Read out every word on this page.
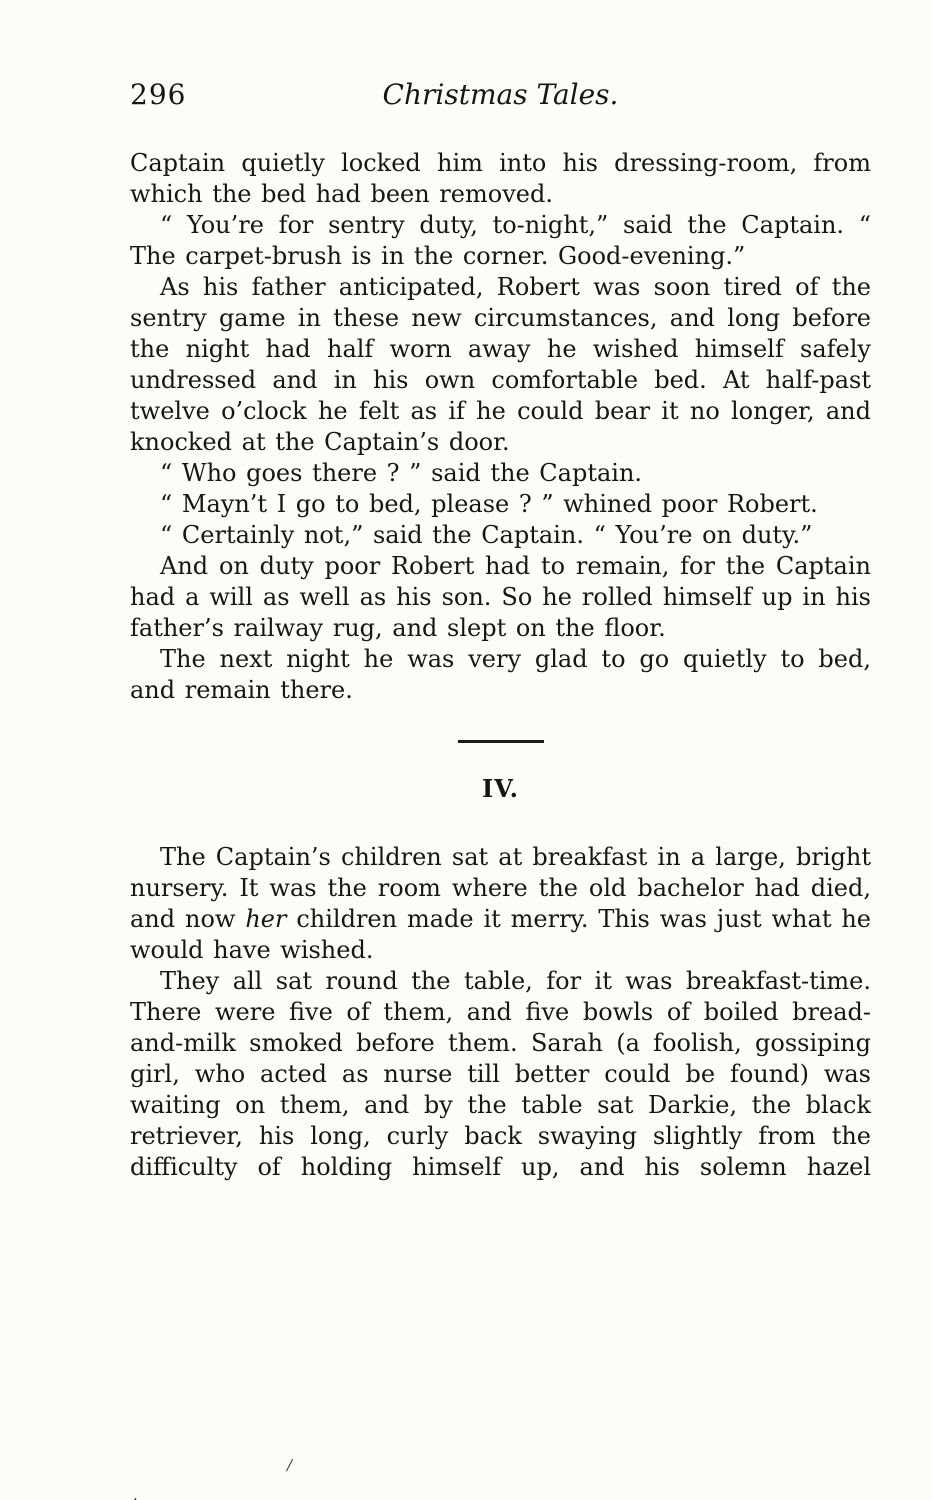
296	Christmas Tales.

Captain quietly locked him into his dressing-room, from which the bed had been removed.

“ You’re for sentry duty, to-night,” said the Captain. “ The carpet-brush is in the corner. Good-evening.”

As his father anticipated, Robert was soon tired of the sentry game in these new circumstances, and long before the night had half worn away he wished himself safely undressed and in his own comfortable bed. At half-past twelve o’clock he felt as if he could bear it no longer, and knocked at the Captain’s door.

“ Who goes there ? ” said the Captain.

“ Mayn’t I go to bed, please ? ” whined poor Robert.

“ Certainly not,” said the Captain. “ You’re on duty.”

And on duty poor Robert had to remain, for the Captain had a will as well as his son. So he rolled himself up in his father’s railway rug, and slept on the floor.

The next night he was very glad to go quietly to bed, and remain there.

IV.

The Captain’s children sat at breakfast in a large, bright nursery. It was the room where the old bachelor had died, and now her children made it merry. This was just what he would have wished.

They all sat round the table, for it was breakfast-time. There were five of them, and five bowls of boiled bread-and-milk smoked before them. Sarah (a foolish, gossiping girl, who acted as nurse till better could be found) was waiting on them, and by the table sat Darkie, the black retriever, his long, curly back swaying slightly from the difficulty of holding himself up, and his solemn hazel

/
.
